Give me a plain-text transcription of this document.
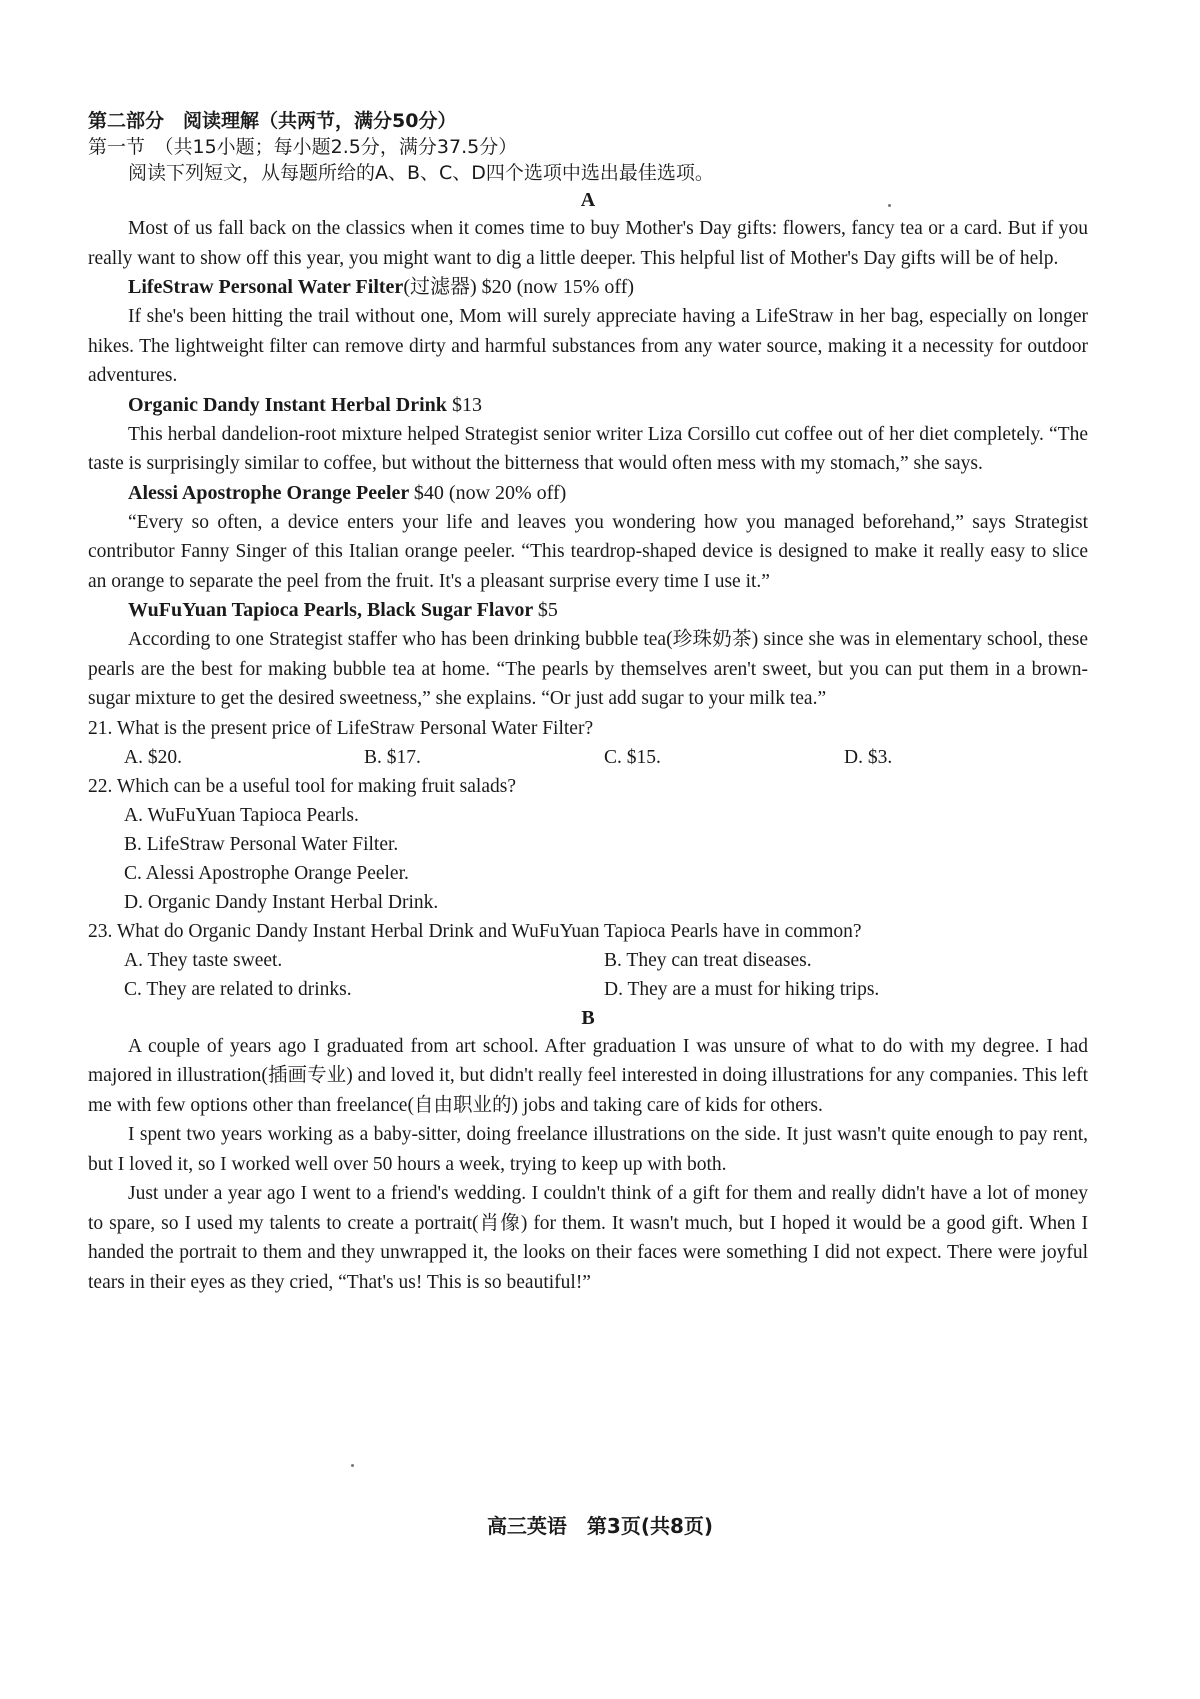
第二部分　阅读理解（共两节，满分50分）

第一节　（共15小题；每小题2.5分，满分37.5分）

阅读下列短文，从每题所给的A、B、C、D四个选项中选出最佳选项。

A

Most of us fall back on the classics when it comes time to buy Mother's Day gifts: flowers, fancy tea or a card. But if you really want to show off this year, you might want to dig a little deeper. This helpful list of Mother's Day gifts will be of help.

LifeStraw Personal Water Filter(过滤器) $20 (now 15% off)

If she's been hitting the trail without one, Mom will surely appreciate having a LifeStraw in her bag, especially on longer hikes. The lightweight filter can remove dirty and harmful substances from any water source, making it a necessity for outdoor adventures.

Organic Dandy Instant Herbal Drink $13

This herbal dandelion-root mixture helped Strategist senior writer Liza Corsillo cut coffee out of her diet completely. “The taste is surprisingly similar to coffee, but without the bitterness that would often mess with my stomach,” she says.

Alessi Apostrophe Orange Peeler $40 (now 20% off)

“Every so often, a device enters your life and leaves you wondering how you managed beforehand,” says Strategist contributor Fanny Singer of this Italian orange peeler. “This teardrop-shaped device is designed to make it really easy to slice an orange to separate the peel from the fruit. It's a pleasant surprise every time I use it.”

WuFuYuan Tapioca Pearls, Black Sugar Flavor $5

According to one Strategist staffer who has been drinking bubble tea(珍珠奶茶) since she was in elementary school, these pearls are the best for making bubble tea at home. “The pearls by themselves aren't sweet, but you can put them in a brown-sugar mixture to get the desired sweetness,” she explains. “Or just add sugar to your milk tea.”

21. What is the present price of LifeStraw Personal Water Filter?

A. $20.	B. $17.	C. $15.	D. $3.

22. Which can be a useful tool for making fruit salads?

A. WuFuYuan Tapioca Pearls.

B. LifeStraw Personal Water Filter.

C. Alessi Apostrophe Orange Peeler.

D. Organic Dandy Instant Herbal Drink.

23. What do Organic Dandy Instant Herbal Drink and WuFuYuan Tapioca Pearls have in common?

A. They taste sweet.	B. They can treat diseases.
C. They are related to drinks.	D. They are a must for hiking trips.

B

A couple of years ago I graduated from art school. After graduation I was unsure of what to do with my degree. I had majored in illustration(插画专业) and loved it, but didn't really feel interested in doing illustrations for any companies. This left me with few options other than freelance(自由职业的) jobs and taking care of kids for others.

I spent two years working as a baby-sitter, doing freelance illustrations on the side. It just wasn't quite enough to pay rent, but I loved it, so I worked well over 50 hours a week, trying to keep up with both.

Just under a year ago I went to a friend's wedding. I couldn't think of a gift for them and really didn't have a lot of money to spare, so I used my talents to create a portrait(肖像) for them. It wasn't much, but I hoped it would be a good gift. When I handed the portrait to them and they unwrapped it, the looks on their faces were something I did not expect. There were joyful tears in their eyes as they cried, “That's us! This is so beautiful!”

高三英语　第3页(共8页)
